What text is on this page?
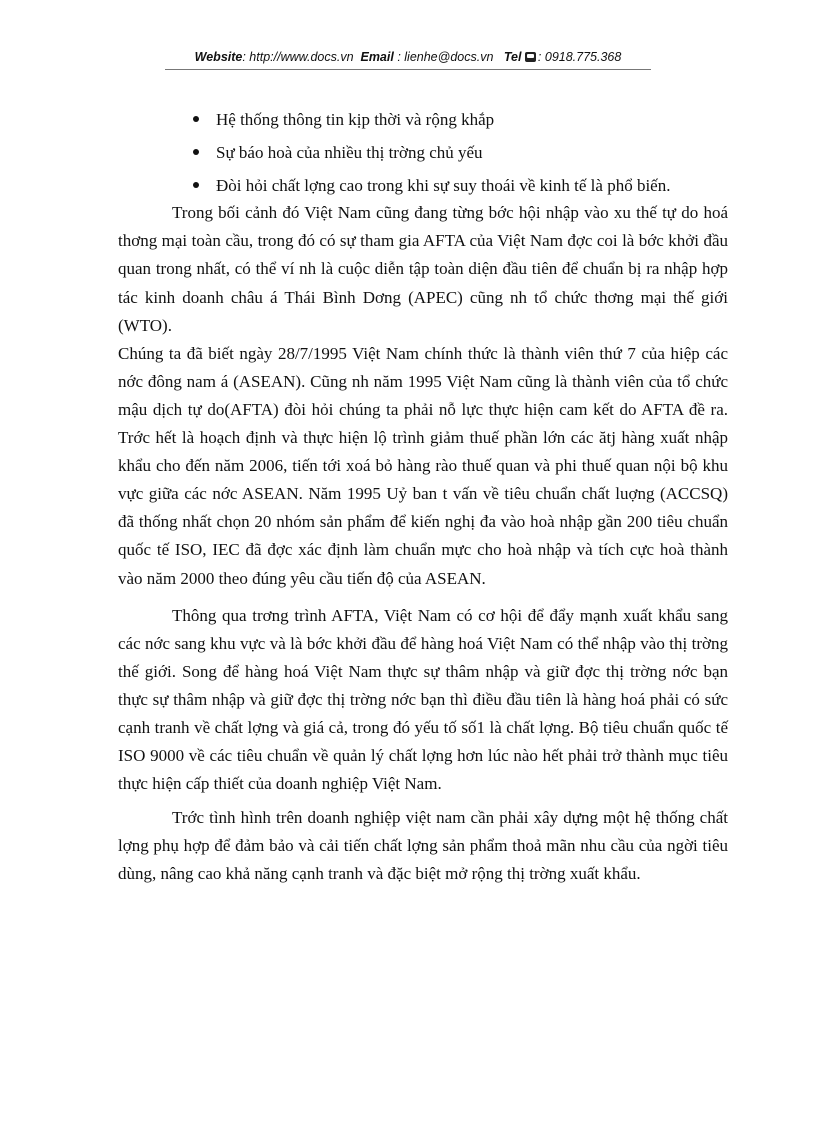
Website: http://www.docs.vn Email : lienhe@docs.vn Tel : 0918.775.368
Hệ thống thông tin kịp thời và rộng khắp
Sự báo hoà của nhiều thị trờng chủ yếu
Đòi hỏi chất lợng cao trong khi sự suy thoái về kinh tế là phổ biến.

Trong bối cảnh đó Việt Nam cũng đang từng bớc hội nhập vào xu thế tự do hoá thơng mại toàn cầu, trong đó có sự tham gia AFTA của Việt Nam đợc coi là bớc khởi đầu quan trong nhất, có thể ví nh là cuộc diễn tập toàn diện đầu tiên để chuẩn bị ra nhập hợp tác kinh doanh châu á Thái Bình Dơng (APEC) cũng nh tổ chức thơng mại thế giới (WTO).

Chúng ta đã biết ngày 28/7/1995 Việt Nam chính thức là thành viên thứ 7 của hiệp các nớc đông nam á (ASEAN). Cũng nh năm 1995 Việt Nam cũng là thành viên của tổ chức mậu dịch tự do(AFTA) đòi hỏi chúng ta phải nỗ lực thực hiện cam kết do AFTA đề ra. Trớc hết là hoạch định và thực hiện lộ trình giảm thuế phần lớn các ătj hàng xuất nhập khẩu cho đến năm 2006, tiến tới xoá bỏ hàng rào thuế quan và phi thuế quan nội bộ khu vực giữa các nớc ASEAN. Năm 1995 Uỷ ban t vấn về tiêu chuẩn chất luợng (ACCSQ) đã thống nhất chọn 20 nhóm sản phẩm để kiến nghị đa vào hoà nhập gần 200 tiêu chuẩn quốc tế ISO, IEC đã đợc xác định làm chuẩn mực cho hoà nhập và tích cực hoà thành vào năm 2000 theo đúng yêu cầu tiến độ của ASEAN.

Thông qua trơng trình AFTA, Việt Nam có cơ hội để đẩy mạnh xuất khẩu sang các nớc sang khu vực và là bớc khởi đầu để hàng hoá Việt Nam có thể nhập vào thị trờng thế giới. Song để hàng hoá Việt Nam thực sự thâm nhập và giữ đợc thị trờng nớc bạn thực sự thâm nhập và giữ đợc thị trờng nớc bạn thì điều đầu tiên là hàng hoá phải có sức cạnh tranh về chất lợng và giá cả, trong đó yếu tố số1 là chất lợng. Bộ tiêu chuẩn quốc tế ISO 9000 về các tiêu chuẩn về quản lý chất lợng hơn lúc nào hết phải trở thành mục tiêu thực hiện cấp thiết của doanh nghiệp Việt Nam.

Trớc tình hình trên doanh nghiệp việt nam cần phải xây dựng một hệ thống chất lợng phụ hợp để đảm bảo và cải tiến chất lợng sản phẩm thoả mãn nhu cầu của ngời tiêu dùng, nâng cao khả năng cạnh tranh và đặc biệt mở rộng thị trờng xuất khẩu.
